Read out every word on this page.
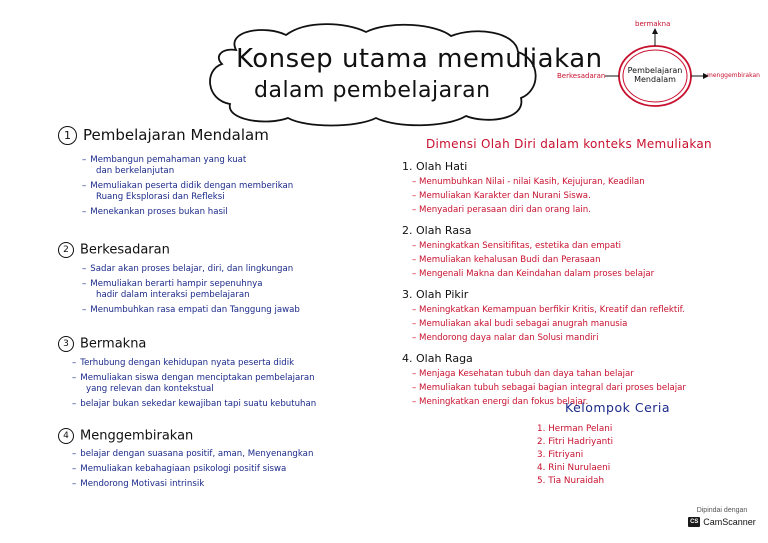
Konsep utama memuliakan
dalam pembelajaran
bermakna
Berkesadaran	menggembirakan
Pembelajaran Mendalam
1 Pembelajaran Mendalam
– Membangun pemahaman yang kuat
dan berkelanjutan
– Memuliakan peserta didik dengan memberikan
Ruang Eksplorasi dan Refleksi
– Menekankan proses bukan hasil
2 Berkesadaran
– Sadar akan proses belajar, diri, dan lingkungan
– Memuliakan berarti hampir sepenuhnya
hadir dalam interaksi pembelajaran
– Menumbuhkan rasa empati dan Tanggung jawab
3 Bermakna
– Terhubung dengan kehidupan nyata peserta didik
– Memuliakan siswa dengan menciptakan pembelajaran
yang relevan dan kontekstual
– belajar bukan sekedar kewajiban tapi suatu kebutuhan
4 Menggembirakan
– belajar dengan suasana positif, aman, Menyenangkan
– Memuliakan kebahagiaan psikologi positif siswa
– Mendorong Motivasi intrinsik
Dimensi Olah Diri dalam konteks Memuliakan
1. Olah Hati
– Menumbuhkan Nilai - nilai Kasih, Kejujuran, Keadilan
– Memuliakan Karakter dan Nurani Siswa.
– Menyadari perasaan diri dan orang lain.
2. Olah Rasa
– Meningkatkan Sensitifitas, estetika dan empati
– Memuliakan kehalusan Budi dan Perasaan
– Mengenali Makna dan Keindahan dalam proses belajar
3. Olah Pikir
– Meningkatkan Kemampuan berfikir Kritis, Kreatif dan reflektif.
– Memuliakan akal budi sebagai anugrah manusia
– Mendorong daya nalar dan Solusi mandiri
4. Olah Raga
– Menjaga Kesehatan tubuh dan daya tahan belajar
– Memuliakan tubuh sebagai bagian integral dari proses belajar
– Meningkatkan energi dan fokus belajar.
Kelompok Ceria
1. Herman Pelani
2. Fitri Hadriyanti
3. Fitriyani
4. Rini Nurulaeni
5. Tia Nuraidah
Dipindai dengan
CS CamScanner
